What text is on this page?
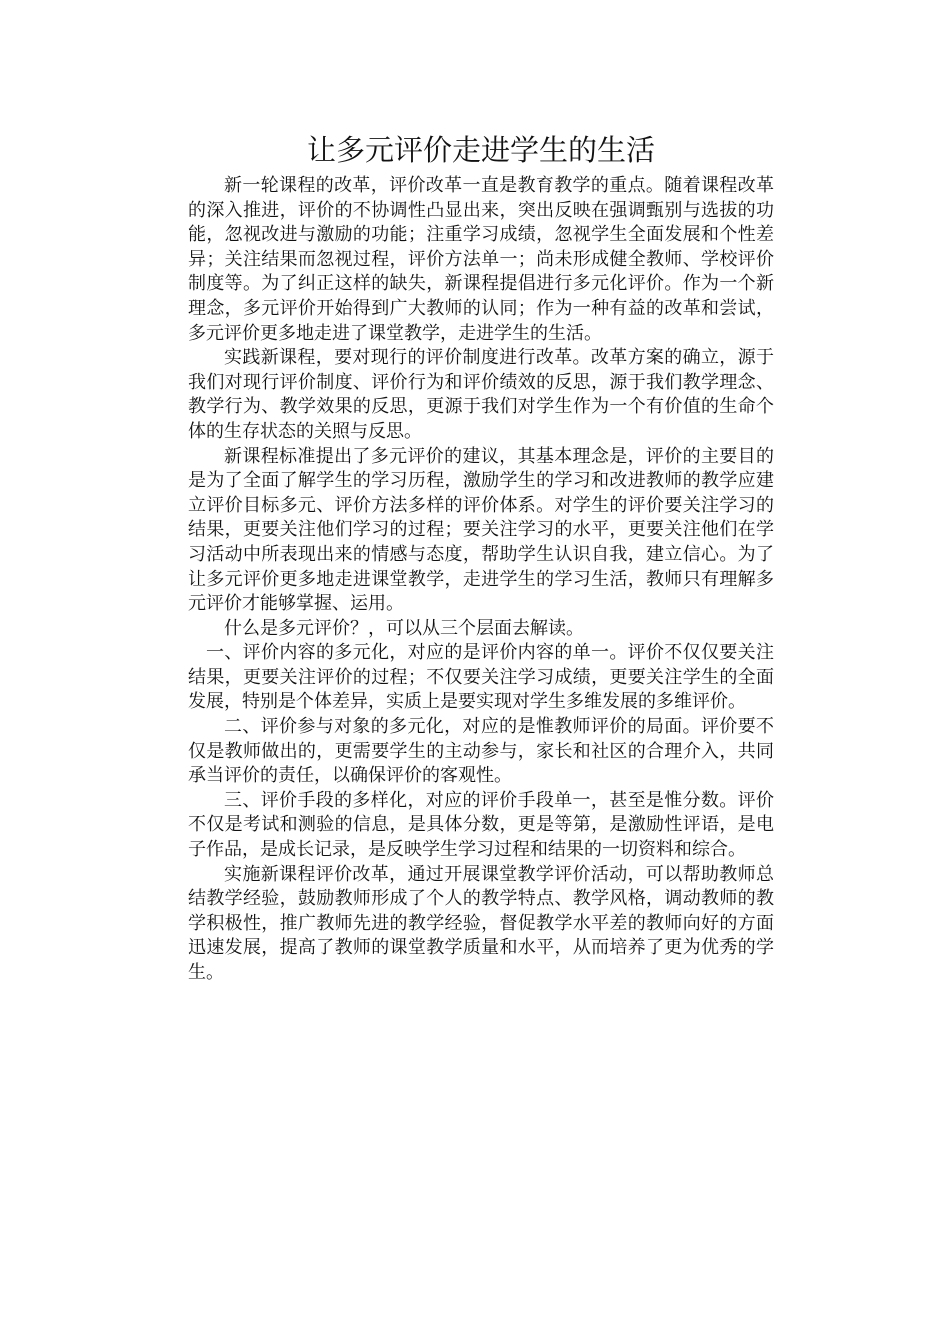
让多元评价走进学生的生活

新一轮课程的改革，评价改革一直是教育教学的重点。随着课程改革的深入推进，评价的不协调性凸显出来，突出反映在强调甄别与选拔的功能，忽视改进与激励的功能；注重学习成绩，忽视学生全面发展和个性差异；关注结果而忽视过程，评价方法单一；尚未形成健全教师、学校评价制度等。为了纠正这样的缺失，新课程提倡进行多元化评价。作为一个新理念，多元评价开始得到广大教师的认同；作为一种有益的改革和尝试，多元评价更多地走进了课堂教学，走进学生的生活。

实践新课程，要对现行的评价制度进行改革。改革方案的确立，源于我们对现行评价制度、评价行为和评价绩效的反思，源于我们教学理念、教学行为、教学效果的反思，更源于我们对学生作为一个有价值的生命个体的生存状态的关照与反思。

新课程标准提出了多元评价的建议，其基本理念是，评价的主要目的是为了全面了解学生的学习历程，激励学生的学习和改进教师的教学应建立评价目标多元、评价方法多样的评价体系。对学生的评价要关注学习的结果，更要关注他们学习的过程；要关注学习的水平，更要关注他们在学习活动中所表现出来的情感与态度，帮助学生认识自我，建立信心。为了让多元评价更多地走进课堂教学，走进学生的学习生活，教师只有理解多元评价才能够掌握、运用。

什么是多元评价？，可以从三个层面去解读。

一、评价内容的多元化，对应的是评价内容的单一。评价不仅仅要关注结果，更要关注评价的过程；不仅要关注学习成绩，更要关注学生的全面发展，特别是个体差异，实质上是要实现对学生多维发展的多维评价。

二、评价参与对象的多元化，对应的是惟教师评价的局面。评价要不仅是教师做出的，更需要学生的主动参与，家长和社区的合理介入，共同承当评价的责任，以确保评价的客观性。

三、评价手段的多样化，对应的评价手段单一，甚至是惟分数。评价不仅是考试和测验的信息，是具体分数，更是等第，是激励性评语，是电子作品，是成长记录，是反映学生学习过程和结果的一切资料和综合。

实施新课程评价改革，通过开展课堂教学评价活动，可以帮助教师总结教学经验，鼓励教师形成了个人的教学特点、教学风格，调动教师的教学积极性，推广教师先进的教学经验，督促教学水平差的教师向好的方面迅速发展，提高了教师的课堂教学质量和水平，从而培养了更为优秀的学生。
